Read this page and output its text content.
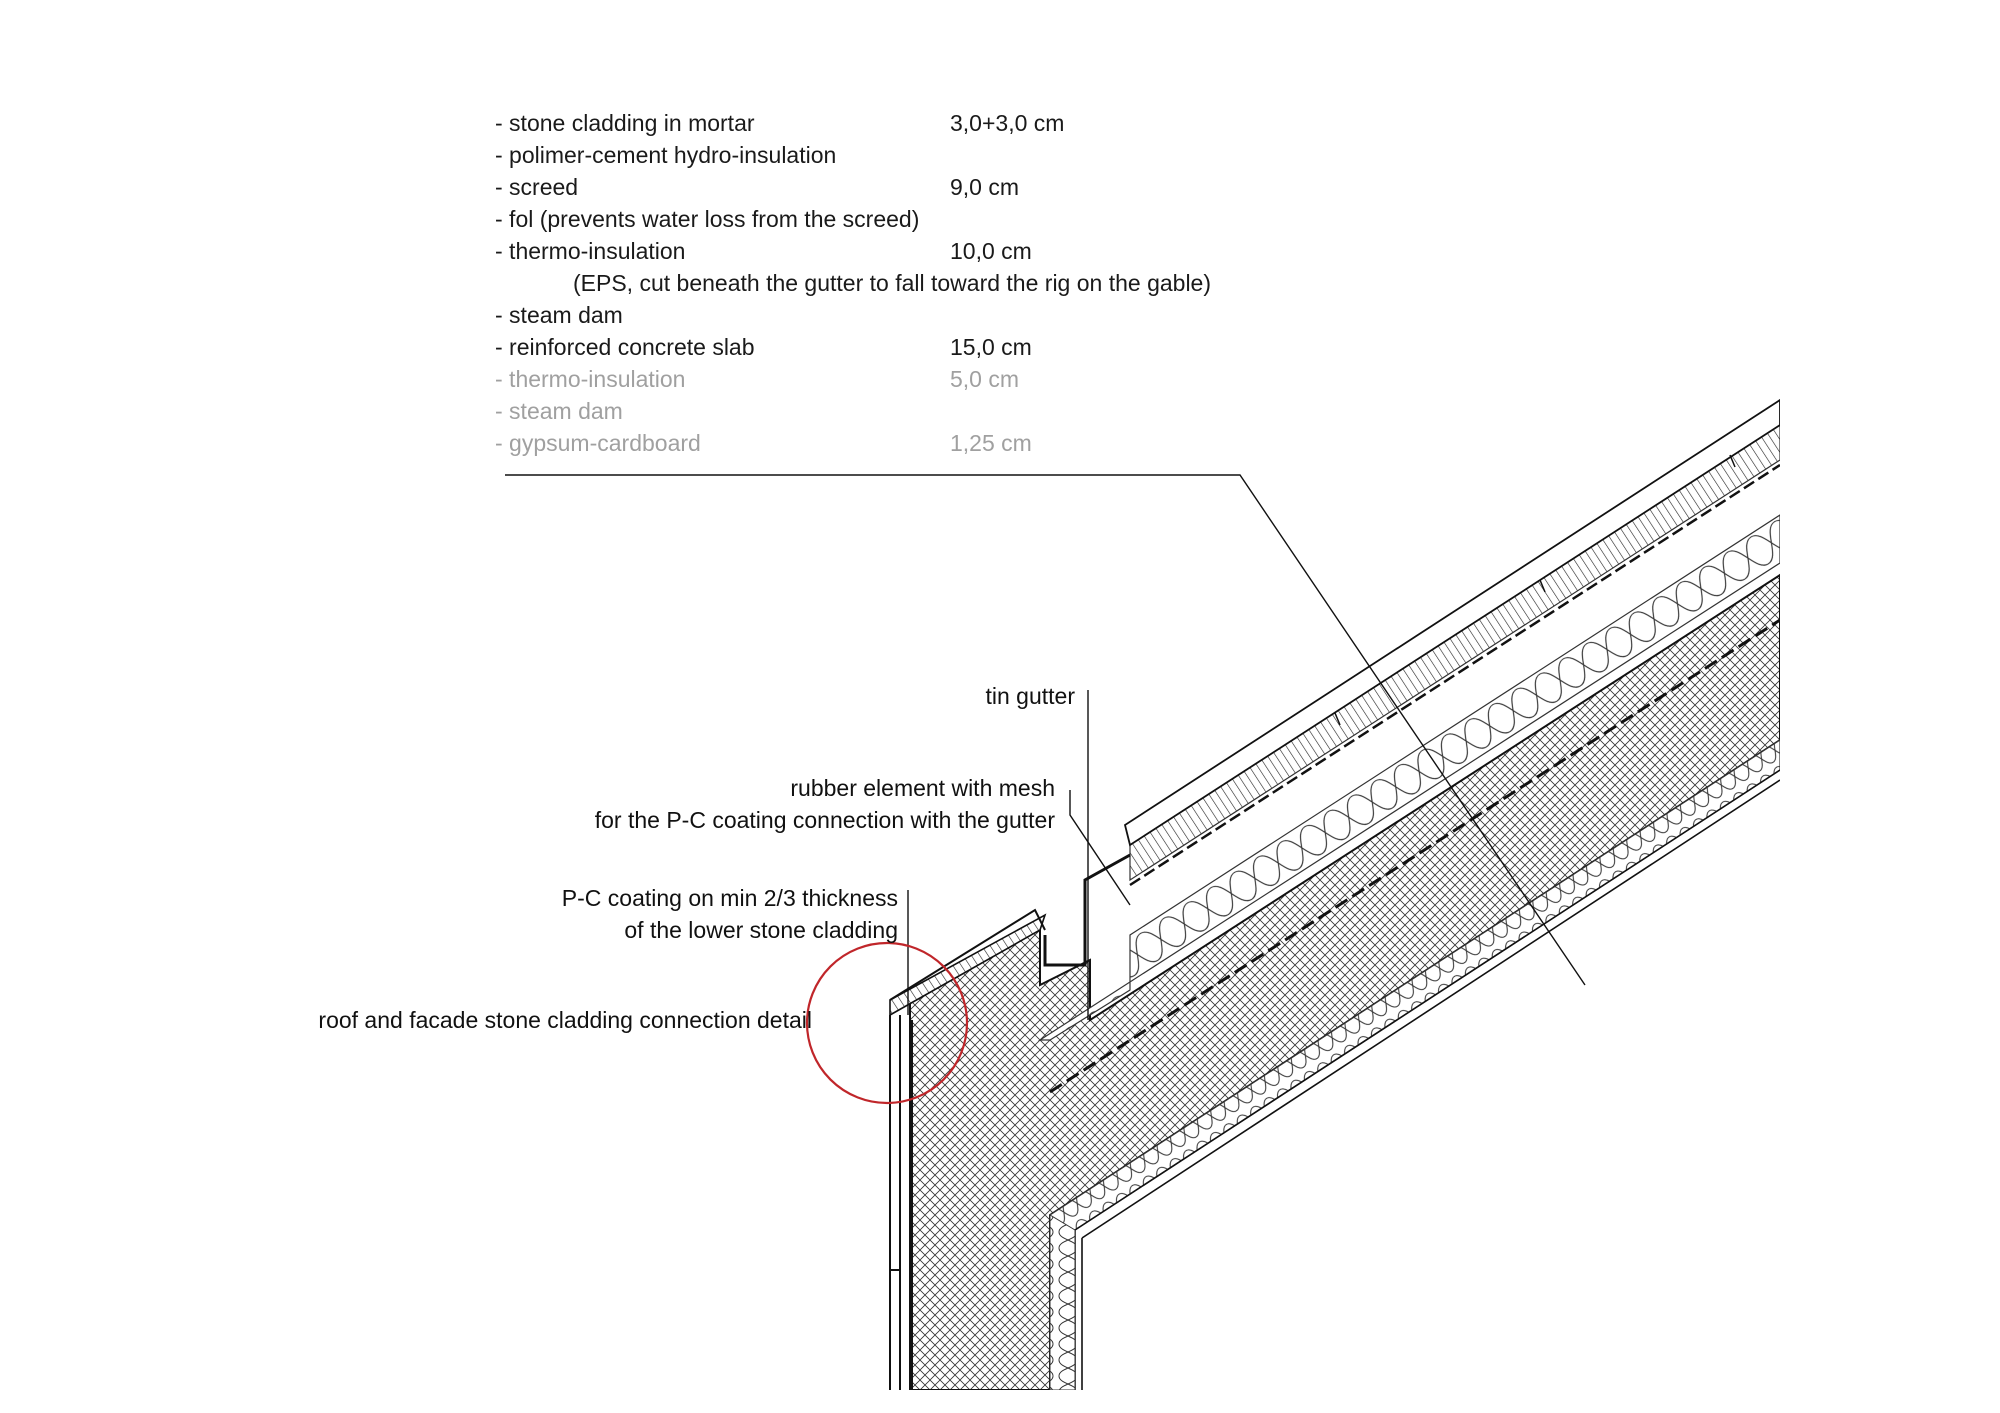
- stone cladding in mortar	3,0+3,0 cm
- polimer-cement hydro-insulation
- screed	9,0 cm
- fol (prevents water loss from the screed)
- thermo-insulation	10,0 cm
(EPS, cut beneath the gutter to fall toward the rig on the gable)
- steam dam
- reinforced concrete slab	15,0 cm
- thermo-insulation	5,0 cm
- steam dam
- gypsum-cardboard	1,25 cm
tin gutter
rubber element with mesh
for the P-C coating connection with the gutter
P-C coating on min 2/3 thickness
of the lower stone cladding
roof and facade stone cladding connection detail
